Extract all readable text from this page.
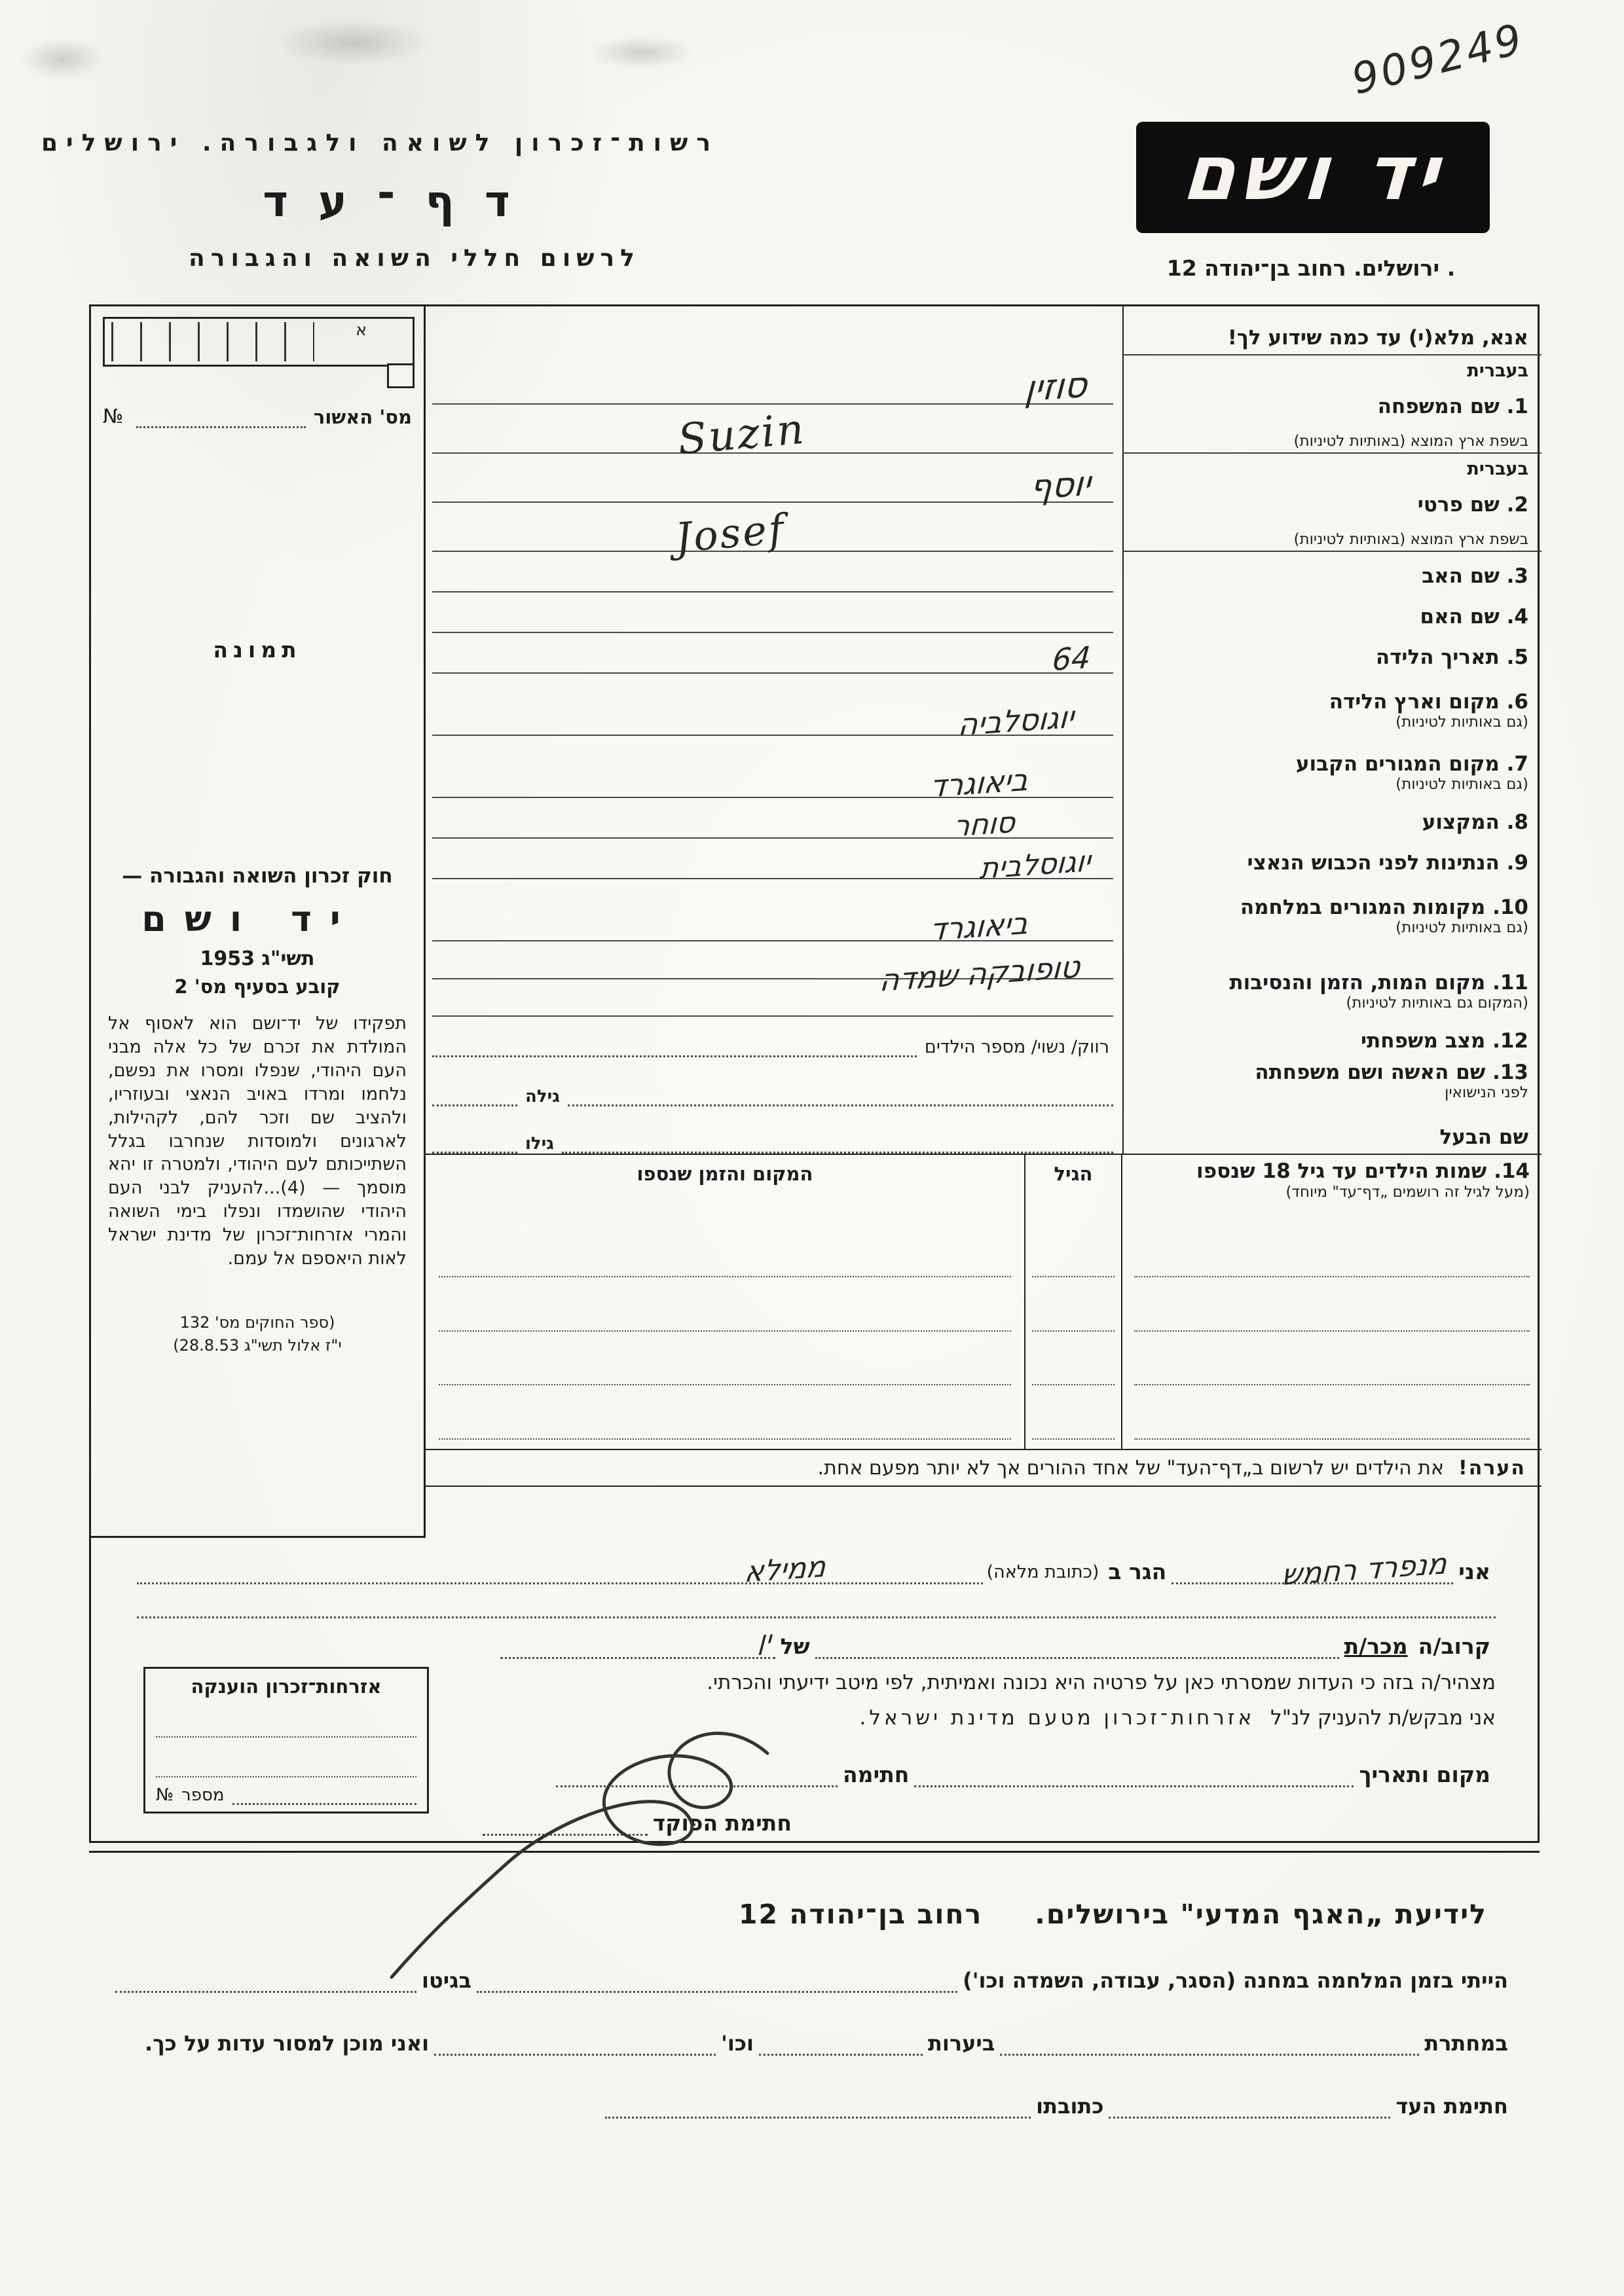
909249
רשות־זכרון לשואה ולגבורה. ירושלים
דף־עד
לרשום חללי השואה והגבורה
יד ושם
. ירושלים. רחוב בן־יהודה 12
א
מס' האשור
№
תמונה
חוק זכרון השואה והגבורה —
יד ושם
תשי"ג 1953
קובע בסעיף מס' 2

תפקידו של יד־ושם הוא לאסוף אל המולדת את זכרם של כל אלה מבני העם היהודי, שנפלו ומסרו את נפשם, נלחמו ומרדו באויב הנאצי ובעוזריו, ולהציב שם וזכר להם, לקהילות, לארגונים ולמוסדות שנחרבו בגלל השתייכותם לעם היהודי, ולמטרה זו יהא מוסמך — (4)...להעניק לבני העם היהודי שהושמדו ונפלו בימי השואה והמרי אזרחות־זכרון של מדינת ישראל לאות היאספם אל עמם.

(ספר החוקים מס' 132
י"ז אלול תשי"ג 28.8.53)
אנא, מלא(י) עד כמה שידוע לך!
בעברית
1. שם המשפחה
בשפת ארץ המוצא (באותיות לטיניות)
סוזין
Suzin
בעברית
2. שם פרטי
בשפת ארץ המוצא (באותיות לטיניות)
יוסף
Josef
3. שם האב
4. שם האם
5. תאריך הלידה
64
6. מקום וארץ הלידה
(גם באותיות לטיניות)
יוגוסלביה
7. מקום המגורים הקבוע
(גם באותיות לטיניות)
ביאוגרד
8. המקצוע
סוחר
9. הנתינות לפני הכבוש הנאצי
יוגוסלבית
10. מקומות המגורים במלחמה
(גם באותיות לטיניות)
ביאוגרד
11. מקום המות, הזמן והנסיבות
(המקום גם באותיות לטיניות)
טופובקה שמדה
12. מצב משפחתי
רווק/ נשוי/ מספר הילדים
13. שם האשה ושם משפחתה
לפני הנישואין
גילה
שם הבעל
גילו
14. שמות הילדים עד גיל 18 שנספו
(מעל לגיל זה רושמים „דף־עד" מיוחד)
הגיל
המקום והזמן שנספו
הערה!
את הילדים יש לרשום ב„דף־העד" של אחד ההורים אך לא יותר מפעם אחת.
אני
מנפרד רחמש
הגר ב
(כתובת מלאה)
ממילא
קרוב/ה
מכר/ת
של
ין
מצהיר/ה בזה כי העדות שמסרתי כאן על פרטיה היא נכונה ואמיתית, לפי מיטב ידיעתי והכרתי.
אני מבקש/ת להעניק לנ"ל אזרחות־זכרון מטעם מדינת ישראל.
מקום ותאריך
חתימה
חתימת הפוקד
אזרחות־זכרון הוענקה
מספר
№
לידיעת „האגף המדעי" בירושלים.
רחוב בן־יהודה 12
הייתי בזמן המלחמה במחנה (הסגר, עבודה, השמדה וכו')
בגיטו
במחתרת
ביערות
וכו'
ואני מוכן למסור עדות על כך.
חתימת העד
כתובתו
